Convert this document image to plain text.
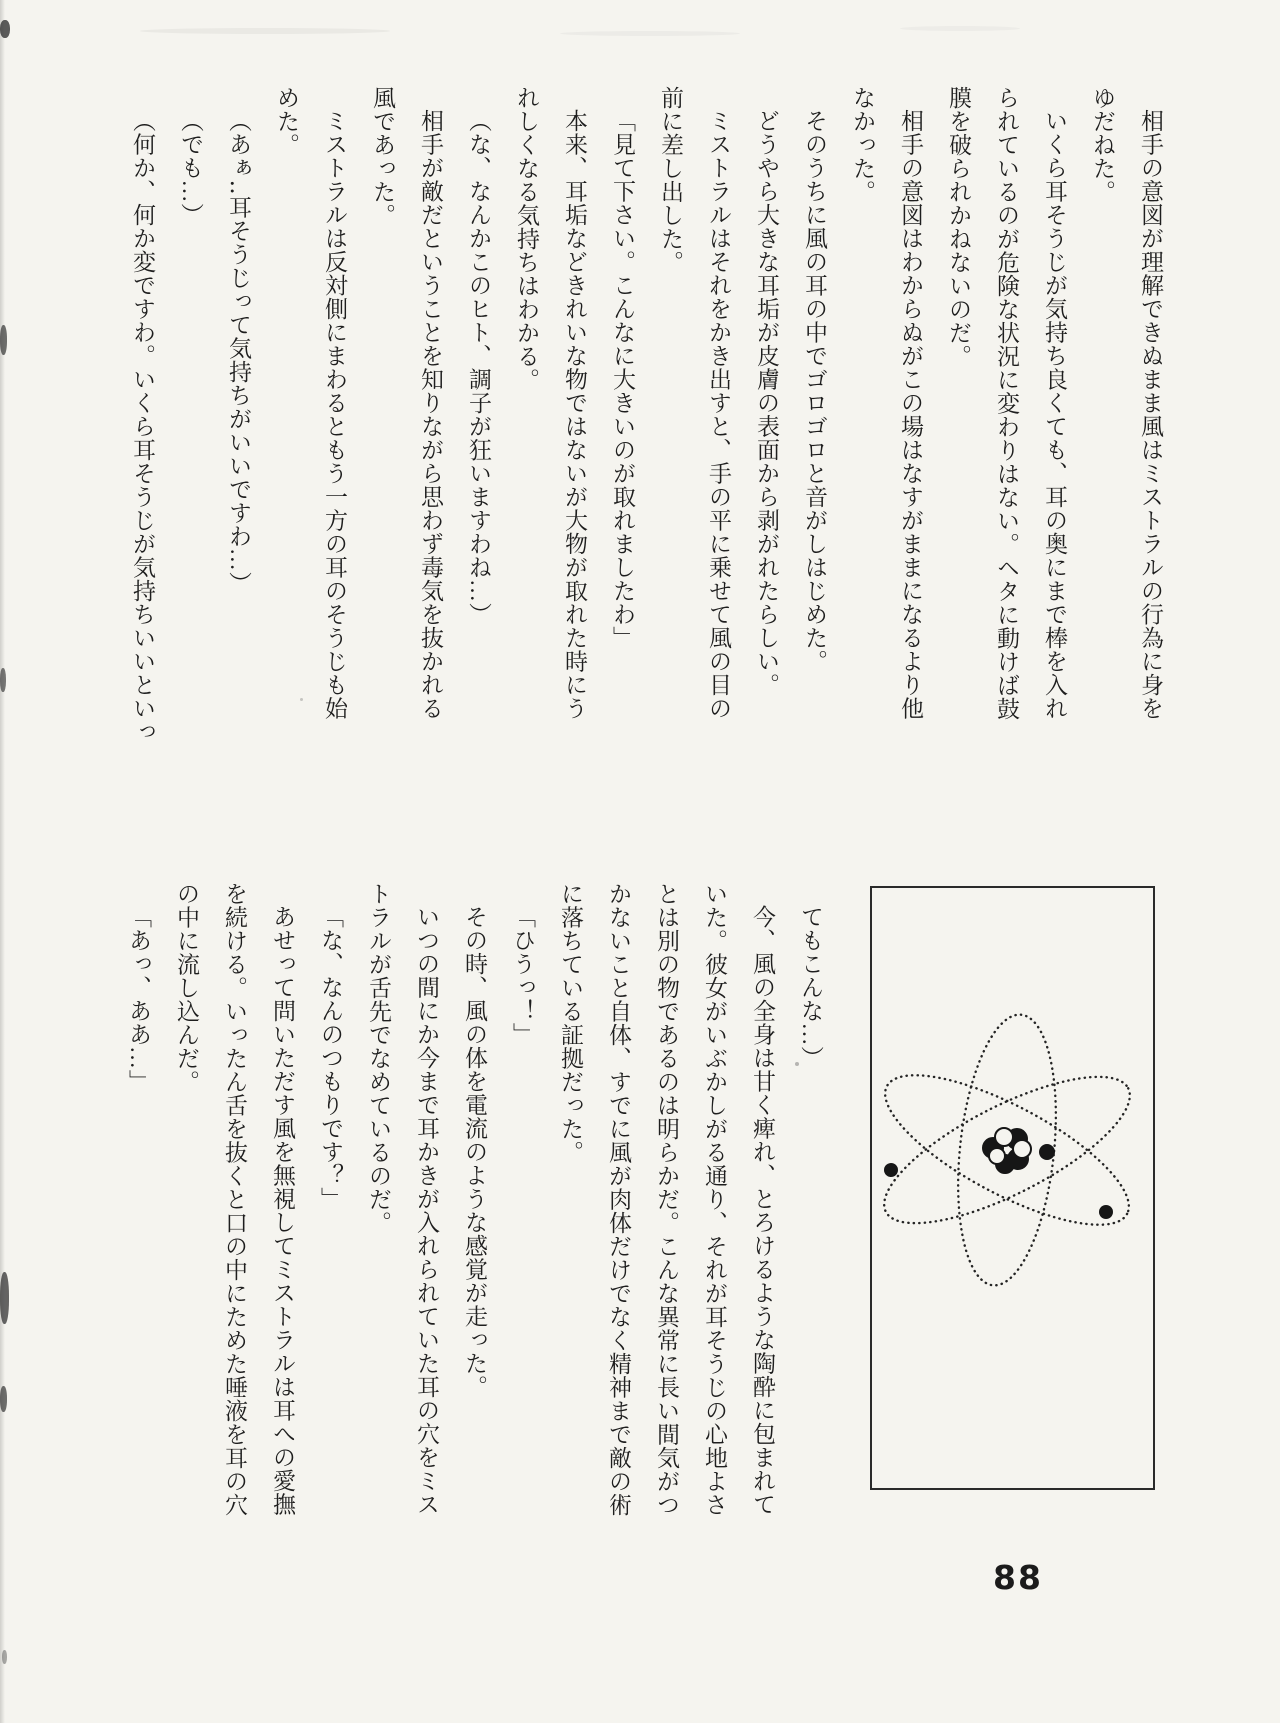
相手の意図が理解できぬまま風はミストラルの行為に身を

ゆだねた。

いくら耳そうじが気持ち良くても、耳の奥にまで棒を入れ

られているのが危険な状況に変わりはない。ヘタに動けば鼓

膜を破られかねないのだ。

相手の意図はわからぬがこの場はなすがままになるより他

なかった。

そのうちに風の耳の中でゴロゴロと音がしはじめた。

どうやら大きな耳垢が皮膚の表面から剥がれたらしい。

ミストラルはそれをかき出すと、手の平に乗せて風の目の

前に差し出した。

「見て下さい。こんなに大きいのが取れましたわ」

本来、耳垢などきれいな物ではないが大物が取れた時にう

れしくなる気持ちはわかる。

（な、なんかこのヒト、調子が狂いますわね…）

相手が敵だということを知りながら思わず毒気を抜かれる

風であった。

ミストラルは反対側にまわるともう一方の耳のそうじも始

めた。

（あぁ‥耳そうじって気持ちがいいですわ…）

（でも…）

（何か、何か変ですわ。いくら耳そうじが気持ちいいといっ

てもこんな…）

今、風の全身は甘く痺れ、とろけるような陶酔に包まれて

いた。彼女がいぶかしがる通り、それが耳そうじの心地よさ

とは別の物であるのは明らかだ。こんな異常に長い間気がつ

かないこと自体、すでに風が肉体だけでなく精神まで敵の術

に落ちている証拠だった。

「ひうっ！」

その時、風の体を電流のような感覚が走った。

いつの間にか今まで耳かきが入れられていた耳の穴をミス

トラルが舌先でなめているのだ。

「な、なんのつもりです？」

あせって問いただす風を無視してミストラルは耳への愛撫

を続ける。いったん舌を抜くと口の中にためた唾液を耳の穴

の中に流し込んだ。

「あっ、ああ…」

88
